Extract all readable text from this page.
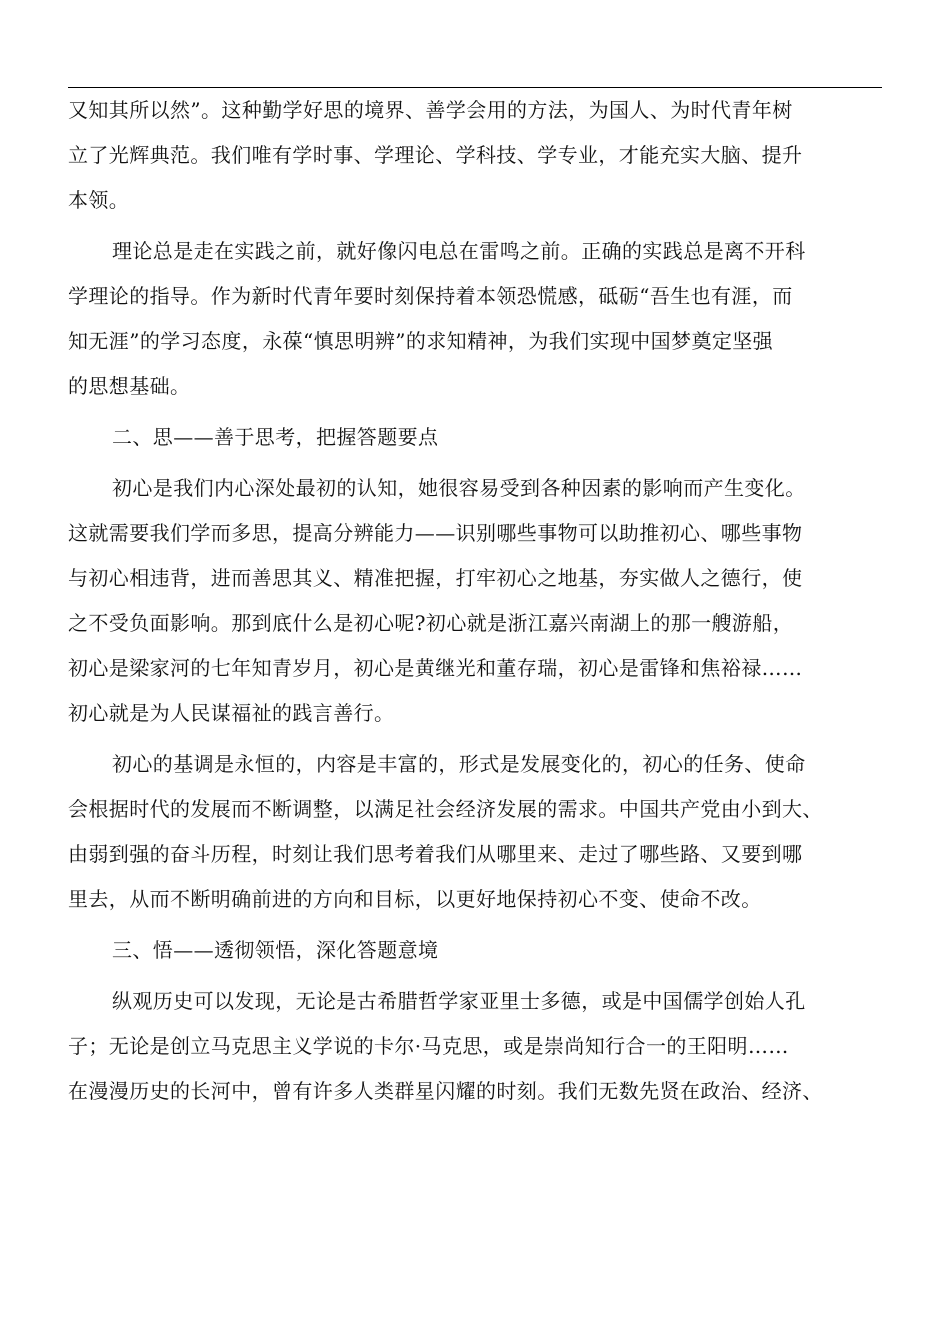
又知其所以然”。这种勤学好思的境界、善学会用的方法，为国人、为时代青年树
立了光辉典范。我们唯有学时事、学理论、学科技、学专业，才能充实大脑、提升
本领。

理论总是走在实践之前，就好像闪电总在雷鸣之前。正确的实践总是离不开科
学理论的指导。作为新时代青年要时刻保持着本领恐慌感，砥砺“吾生也有涯，而
知无涯”的学习态度，永葆“慎思明辨”的求知精神，为我们实现中国梦奠定坚强
的思想基础。

二、思——善于思考，把握答题要点

初心是我们内心深处最初的认知，她很容易受到各种因素的影响而产生变化。
这就需要我们学而多思，提高分辨能力——识别哪些事物可以助推初心、哪些事物
与初心相违背，进而善思其义、精准把握，打牢初心之地基，夯实做人之德行，使
之不受负面影响。那到底什么是初心呢?初心就是浙江嘉兴南湖上的那一艘游船，
初心是梁家河的七年知青岁月，初心是黄继光和董存瑞，初心是雷锋和焦裕禄……
初心就是为人民谋福祉的践言善行。

初心的基调是永恒的，内容是丰富的，形式是发展变化的，初心的任务、使命
会根据时代的发展而不断调整，以满足社会经济发展的需求。中国共产党由小到大、
由弱到强的奋斗历程，时刻让我们思考着我们从哪里来、走过了哪些路、又要到哪
里去，从而不断明确前进的方向和目标，以更好地保持初心不变、使命不改。

三、悟——透彻领悟，深化答题意境

纵观历史可以发现，无论是古希腊哲学家亚里士多德，或是中国儒学创始人孔
子；无论是创立马克思主义学说的卡尔·马克思，或是崇尚知行合一的王阳明……
在漫漫历史的长河中，曾有许多人类群星闪耀的时刻。我们无数先贤在政治、经济、
